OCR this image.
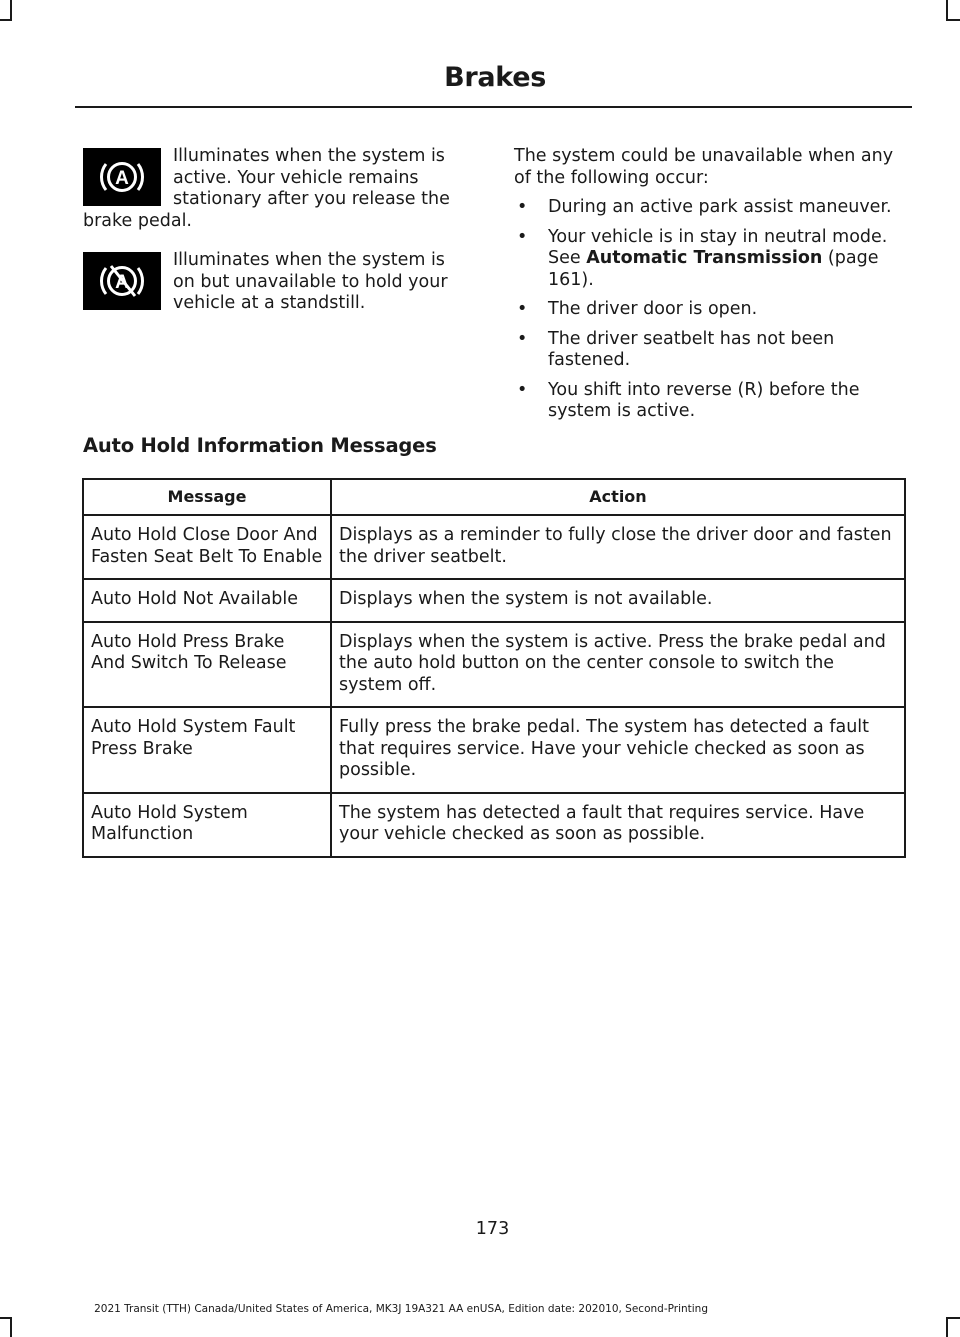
Brakes
A
Illuminates when the system is active. Your vehicle remains stationary after you release the brake pedal.
A
Illuminates when the system is on but unavailable to hold your vehicle at a standstill.

The system could be unavailable when any of the following occur:

• During an active park assist maneuver.
• Your vehicle is in stay in neutral mode. See Automatic Transmission (page 161).
• The driver door is open.
• The driver seatbelt has not been fastened.
• You shift into reverse (R) before the system is active.
Auto Hold Information Messages
Message	Action
Auto Hold Close Door And Fasten Seat Belt To Enable	Displays as a reminder to fully close the driver door and fasten the driver seatbelt.
Auto Hold Not Available	Displays when the system is not available.
Auto Hold Press Brake And Switch To Release	Displays when the system is active. Press the brake pedal and the auto hold button on the center console to switch the system off.
Auto Hold System Fault Press Brake	Fully press the brake pedal. The system has detected a fault that requires service. Have your vehicle checked as soon as possible.
Auto Hold System Malfunction	The system has detected a fault that requires service. Have your vehicle checked as soon as possible.
173
2021 Transit (TTH) Canada/United States of America, MK3J 19A321 AA enUSA, Edition date: 202010, Second-Printing
